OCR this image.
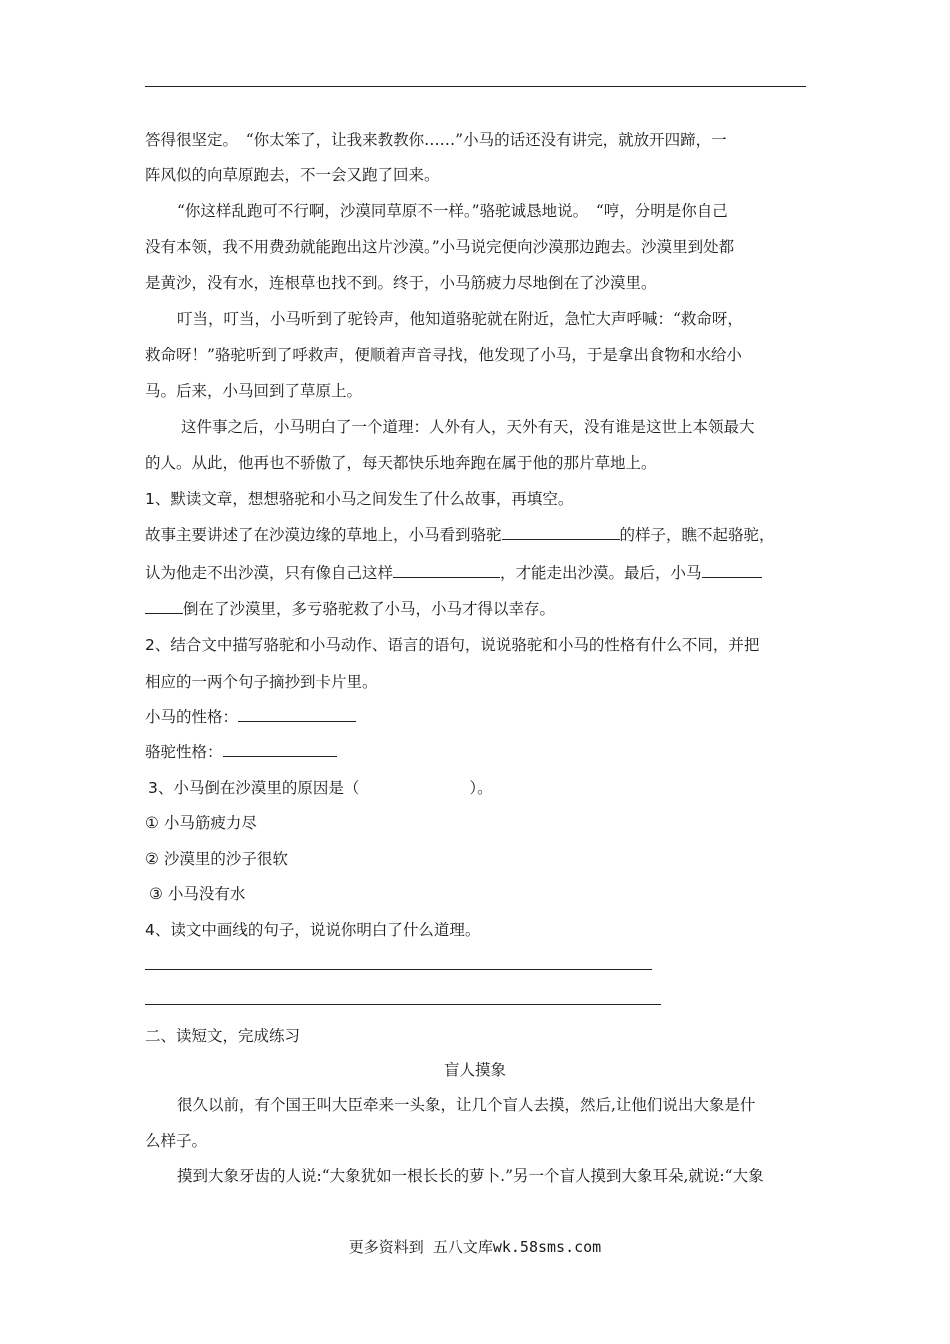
答得很坚定。　“你太笨了，让我来教教你……”小马的话还没有讲完，就放开四蹄，一
阵风似的向草原跑去，不一会又跑了回来。
“你这样乱跑可不行啊，沙漠同草原不一样。”骆驼诚恳地说。　“哼，分明是你自己
没有本领，我不用费劲就能跑出这片沙漠。”小马说完便向沙漠那边跑去。沙漠里到处都
是黄沙，没有水，连根草也找不到。终于，小马筋疲力尽地倒在了沙漠里。
叮当，叮当，小马听到了驼铃声，他知道骆驼就在附近，急忙大声呼喊：“救命呀，
救命呀！”骆驼听到了呼救声，便顺着声音寻找，他发现了小马，于是拿出食物和水给小
马。后来，小马回到了草原上。
这件事之后，小马明白了一个道理：人外有人，天外有天，没有谁是这世上本领最大
的人。从此，他再也不骄傲了，每天都快乐地奔跑在属于他的那片草地上。
1、默读文章，想想骆驼和小马之间发生了什么故事，再填空。
故事主要讲述了在沙漠边缘的草地上，小马看到骆驼	的样子，瞧不起骆驼，
认为他走不出沙漠，只有像自己这样	，才能走出沙漠。最后，小马
倒在了沙漠里，多亏骆驼救了小马，小马才得以幸存。
2、结合文中描写骆驼和小马动作、语言的语句，说说骆驼和小马的性格有什么不同，并把
相应的一两个句子摘抄到卡片里。
小马的性格：
骆驼性格：
3、小马倒在沙漠里的原因是（	）。
① 小马筋疲力尽
② 沙漠里的沙子很软
③ 小马没有水
4、读文中画线的句子，说说你明白了什么道理。
二、读短文，完成练习
盲人摸象
很久以前，有个国王叫大臣牵来一头象，让几个盲人去摸，然后,让他们说出大象是什
么样子。
摸到大象牙齿的人说:“大象犹如一根长长的萝卜.”另一个盲人摸到大象耳朵,就说:“大象
更多资料到 五八文库wk.58sms.com
